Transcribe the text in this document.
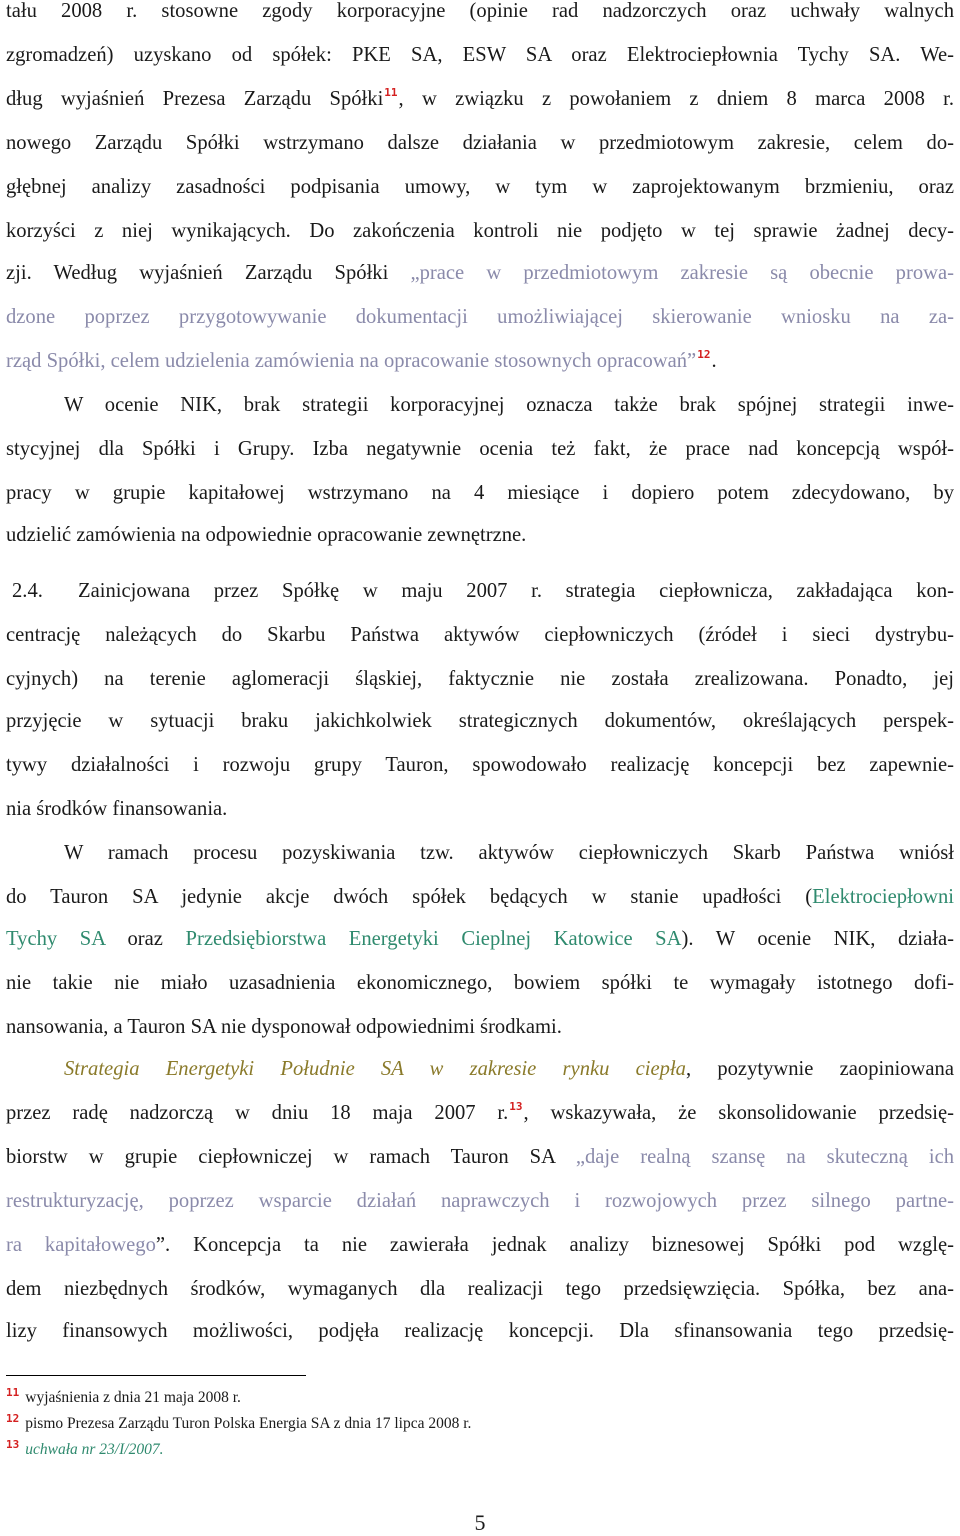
tału 2008 r. stosowne zgody korporacyjne (opinie rad nadzorczych oraz uchwały walnych
zgromadzeń) uzyskano od spółek: PKE SA, ESW SA oraz Elektrociepłownia Tychy SA. We-
dług wyjaśnień Prezesa Zarządu Spółki$^{11}$, w związku z powołaniem z dniem 8 marca 2008 r.
nowego Zarządu Spółki wstrzymano dalsze działania w przedmiotowym zakresie, celem do-
głębnej analizy zasadności podpisania umowy, w tym w zaprojektowanym brzmieniu, oraz
korzyści z niej wynikających. Do zakończenia kontroli nie podjęto w tej sprawie żadnej decy-
zji. Według wyjaśnień Zarządu Spółki „prace w przedmiotowym zakresie są obecnie prowa-
dzone poprzez przygotowywanie dokumentacji umożliwiającej skierowanie wniosku na za-
rząd Spółki, celem udzielenia zamówienia na opracowanie stosownych opracowań”$^{12}$.
W ocenie NIK, brak strategii korporacyjnej oznacza także brak spójnej strategii inwe-
stycyjnej dla Spółki i Grupy. Izba negatywnie ocenia też fakt, że prace nad koncepcją współ-
pracy w grupie kapitałowej wstrzymano na 4 miesiące i dopiero potem zdecydowano, by
udzielić zamówienia na odpowiednie opracowanie zewnętrzne.
2.4.	Zainicjowana przez Spółkę w maju 2007 r. strategia ciepłownicza, zakładająca kon-
centrację należących do Skarbu Państwa aktywów ciepłowniczych (źródeł i sieci dystrybu-
cyjnych) na terenie aglomeracji śląskiej, faktycznie nie została zrealizowana. Ponadto, jej
przyjęcie w sytuacji braku jakichkolwiek strategicznych dokumentów, określających perspek-
tywy działalności i rozwoju grupy Tauron, spowodowało realizację koncepcji bez zapewnie-
nia środków finansowania.
W ramach procesu pozyskiwania tzw. aktywów ciepłowniczych Skarb Państwa wniósł
do Tauron SA jedynie akcje dwóch spółek będących w stanie upadłości (Elektrociepłowni
Tychy SA oraz Przedsiębiorstwa Energetyki Cieplnej Katowice SA). W ocenie NIK, działa-
nie takie nie miało uzasadnienia ekonomicznego, bowiem spółki te wymagały istotnego dofi-
nansowania, a Tauron SA nie dysponował odpowiednimi środkami.
Strategia Energetyki Południe SA w zakresie rynku ciepła, pozytywnie zaopiniowana
przez radę nadzorczą w dniu 18 maja 2007 r.$^{13}$, wskazywała, że skonsolidowanie przedsię-
biorstw w grupie ciepłowniczej w ramach Tauron SA „daje realną szansę na skuteczną ich
restrukturyzację, poprzez wsparcie działań naprawczych i rozwojowych przez silnego partne-
ra kapitałowego”. Koncepcja ta nie zawierała jednak analizy biznesowej Spółki pod wzglę-
dem niezbędnych środków, wymaganych dla realizacji tego przedsięwzięcia. Spółka, bez ana-
lizy finansowych możliwości, podjęła realizację koncepcji. Dla sfinansowania tego przedsię-
$^{11}$ wyjaśnienia z dnia 21 maja 2008 r.
$^{12}$ pismo Prezesa Zarządu Turon Polska Energia SA z dnia 17 lipca 2008 r.
$^{13}$ uchwała nr 23/I/2007.
5
